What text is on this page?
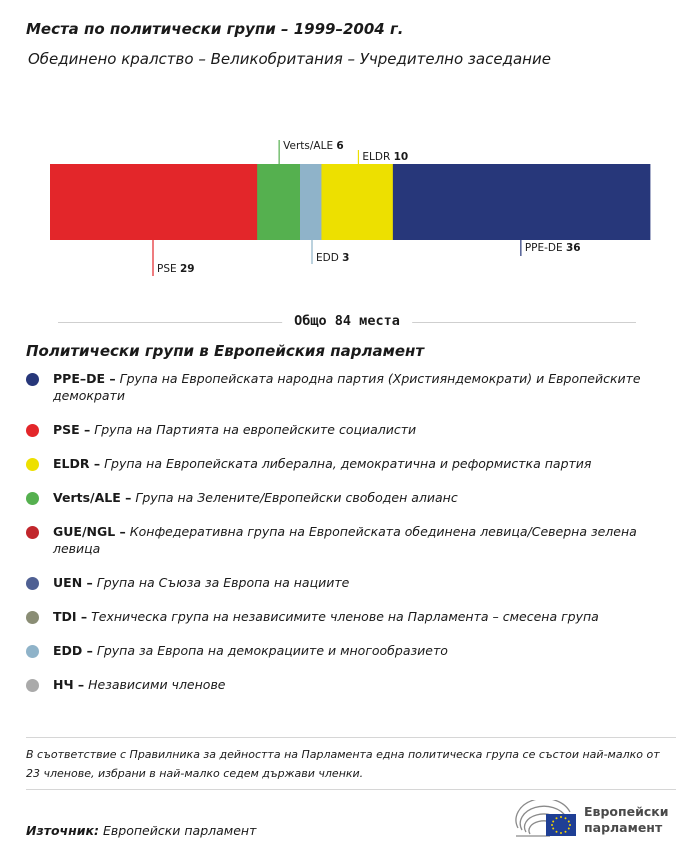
Места по политически групи – 1999–2004 г.
Обединено кралство – Великобритания – Учредително заседание
PSE 29
Verts/ALE 6
EDD 3
ELDR 10
PPE-DE 36
Общо 84 места
Политически групи в Европейския парламент
PPE–DE – Група на Европейската народна партия (Християндемократи) и Европейските демократи
PSE – Група на Партията на европейските социалисти
ELDR – Група на Европейската либерална, демократична и реформистка партия
Verts/ALE – Група на Зелените/Европейски свободен алианс
GUE/NGL – Конфедеративна група на Европейската обединена левица/Северна зелена левица
UEN – Група на Съюза за Европа на нациите
TDI – Техническа група на независимите членове на Парламента – смесена група
EDD – Група за Европа на демокрациите и многообразието
НЧ – Независими членове
В съответствие с Правилника за дейността на Парламента една политическа група се състои най-малко от 23 членове, избрани в най-малко седем държави членки.
Източник: Европейски парламент
Европейски
парламент
